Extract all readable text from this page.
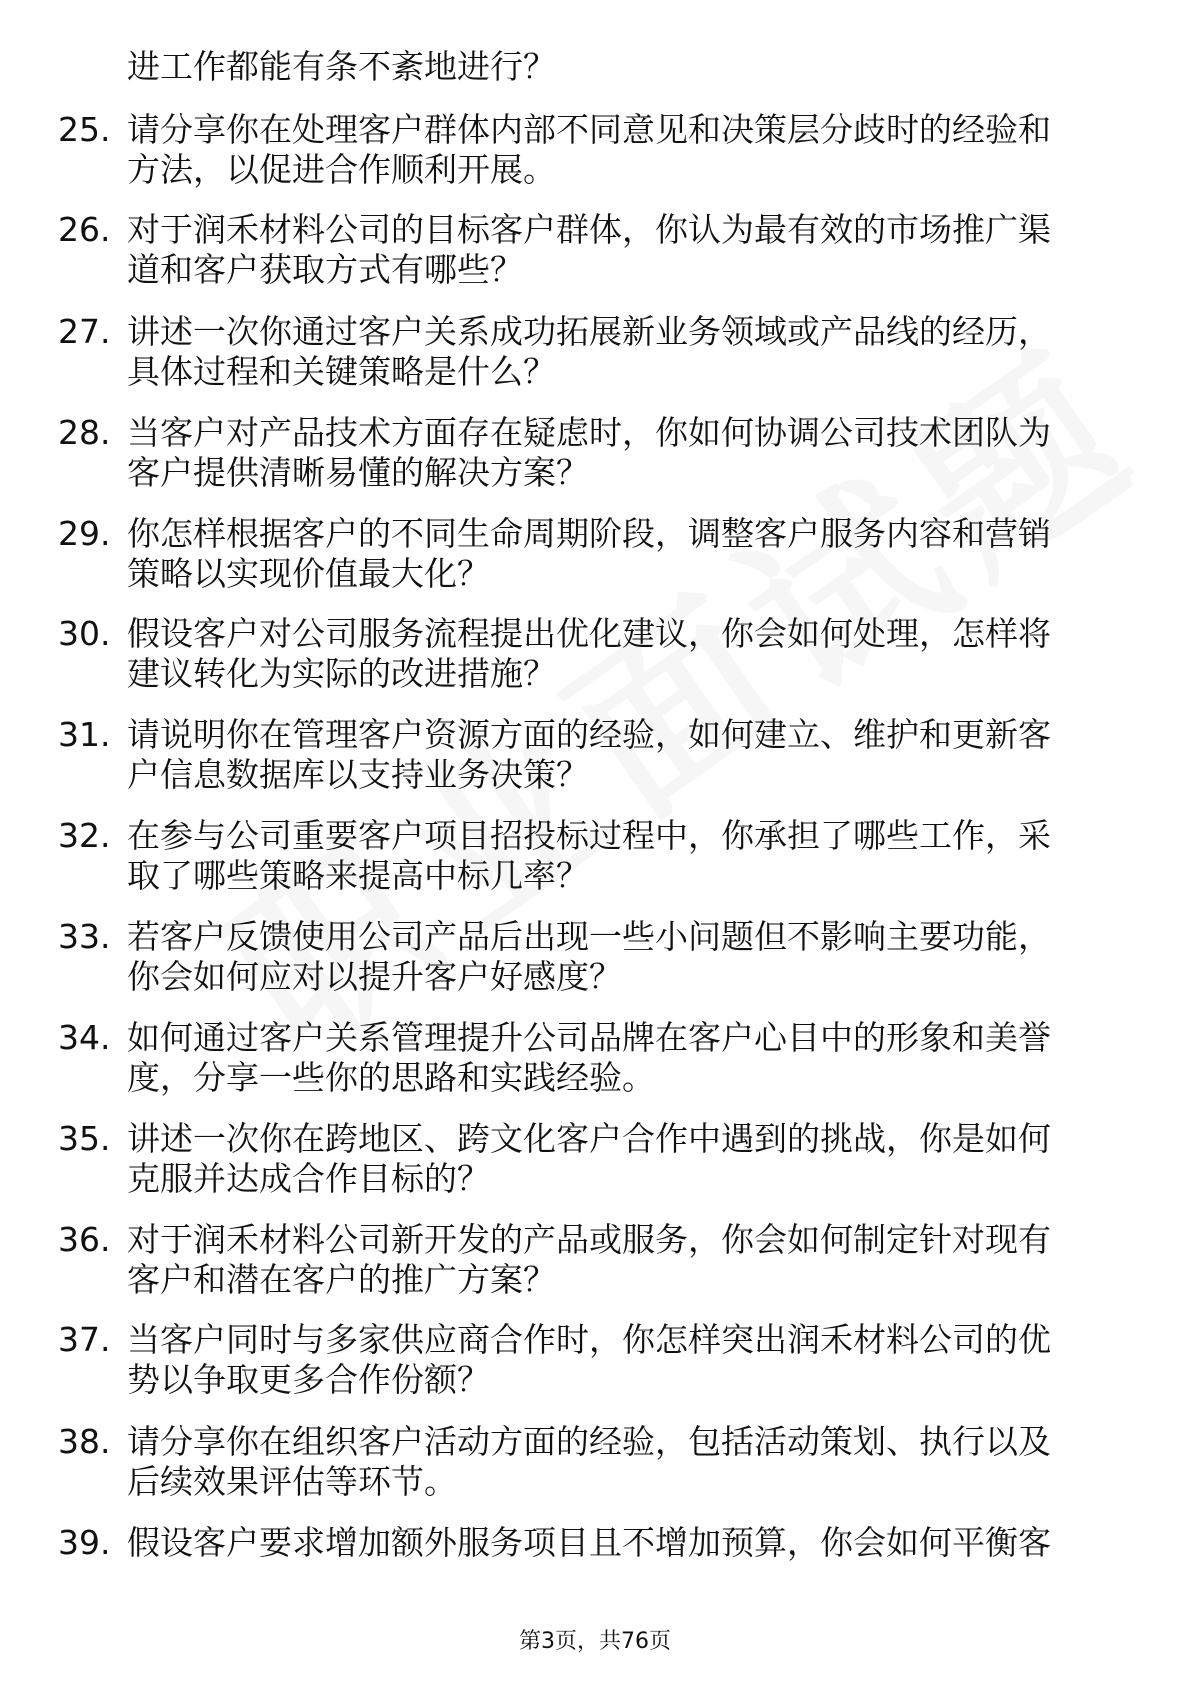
进工作都能有条不紊地进行？
25. 请分享你在处理客户群体内部不同意见和决策层分歧时的经验和
方法，以促进合作顺利开展。
26. 对于润禾材料公司的目标客户群体，你认为最有效的市场推广渠
道和客户获取方式有哪些？
27. 讲述一次你通过客户关系成功拓展新业务领域或产品线的经历，
具体过程和关键策略是什么？
28. 当客户对产品技术方面存在疑虑时，你如何协调公司技术团队为
客户提供清晰易懂的解决方案？
29. 你怎样根据客户的不同生命周期阶段，调整客户服务内容和营销
策略以实现价值最大化？
30. 假设客户对公司服务流程提出优化建议，你会如何处理，怎样将
建议转化为实际的改进措施？
31. 请说明你在管理客户资源方面的经验，如何建立、维护和更新客
户信息数据库以支持业务决策？
32. 在参与公司重要客户项目招投标过程中，你承担了哪些工作，采
取了哪些策略来提高中标几率？
33. 若客户反馈使用公司产品后出现一些小问题但不影响主要功能，
你会如何应对以提升客户好感度？
34. 如何通过客户关系管理提升公司品牌在客户心目中的形象和美誉
度，分享一些你的思路和实践经验。
35. 讲述一次你在跨地区、跨文化客户合作中遇到的挑战，你是如何
克服并达成合作目标的？
36. 对于润禾材料公司新开发的产品或服务，你会如何制定针对现有
客户和潜在客户的推广方案？
37. 当客户同时与多家供应商合作时，你怎样突出润禾材料公司的优
势以争取更多合作份额？
38. 请分享你在组织客户活动方面的经验，包括活动策划、执行以及
后续效果评估等环节。
39. 假设客户要求增加额外服务项目且不增加预算，你会如何平衡客
第3页，共76页
